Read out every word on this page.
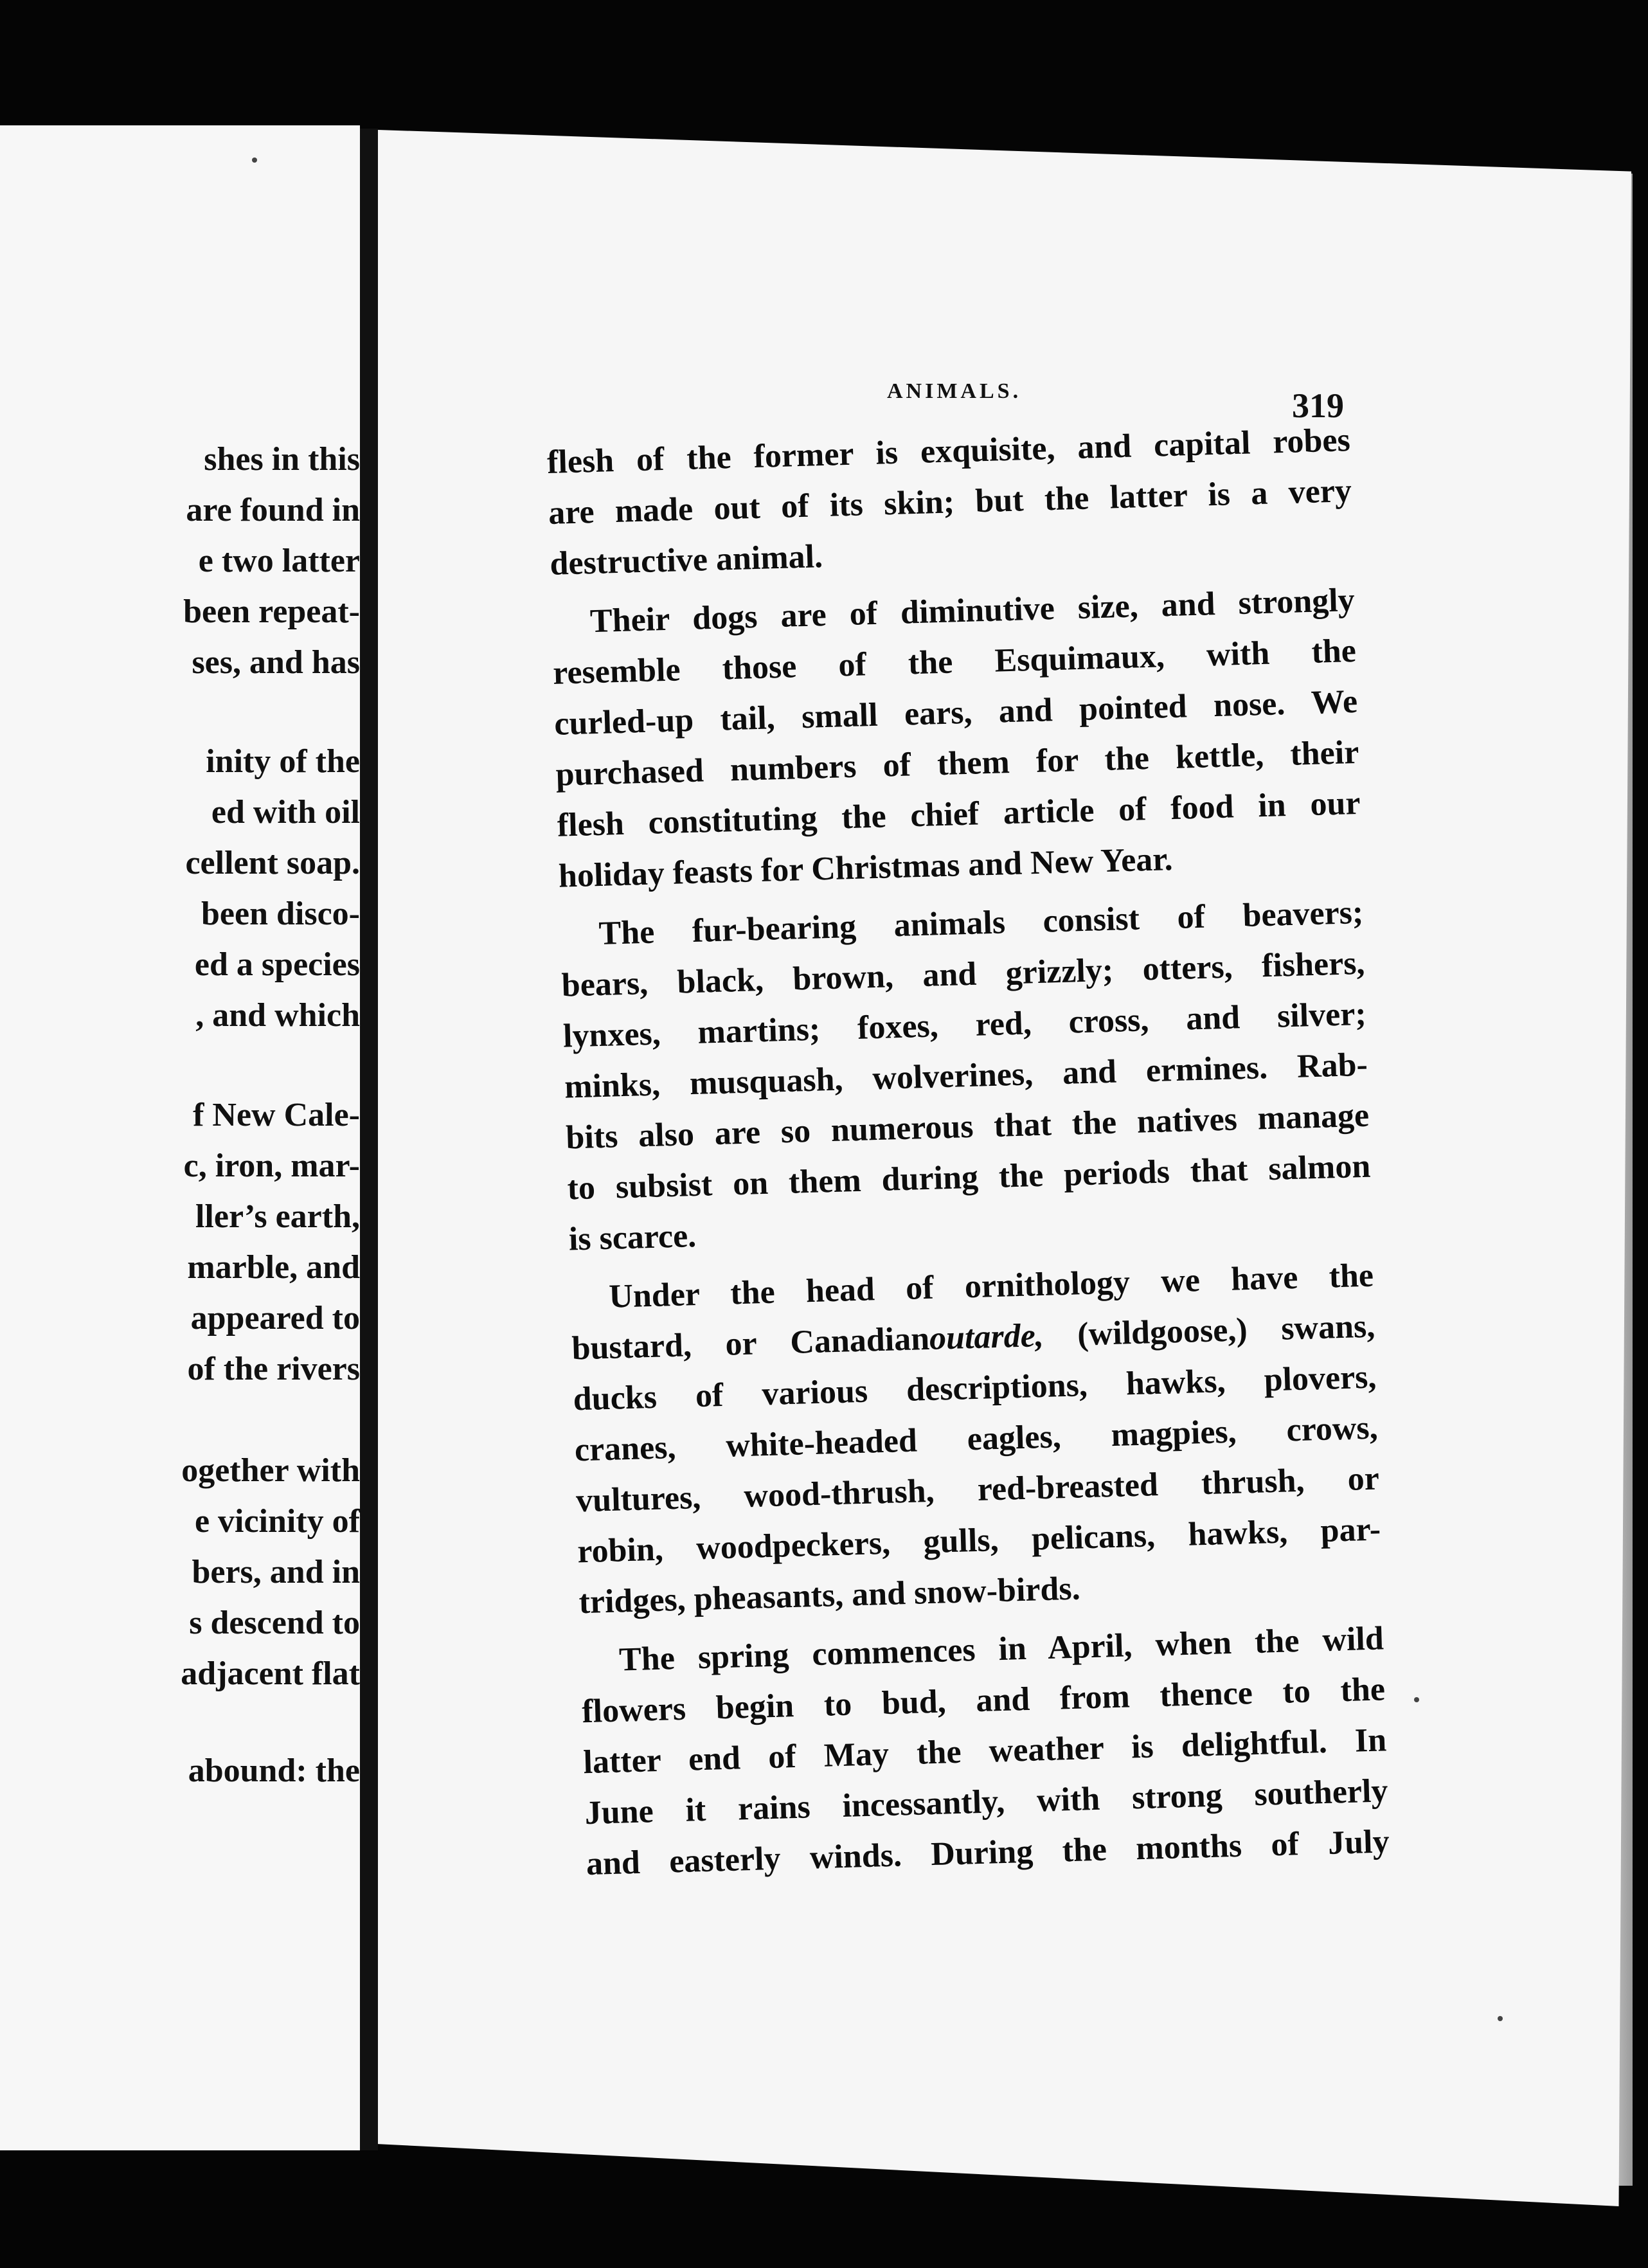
shes in this
are found in
e two latter
been repeat-
ses, and has
inity of the
ed with oil
cellent soap.
been disco-
ed a species
, and which
f New Cale-
c, iron, mar-
ller’s earth,
marble, and
appeared to
of the rivers
ogether with
e vicinity of
bers, and in
s descend to
adjacent flat
abound: the
ANIMALS.	319
flesh of the former is exquisite, and capital robes
are made out of its skin; but the latter is a very
destructive animal.
Their dogs are of diminutive size, and strongly
resemble those of the Esquimaux, with the
curled-up tail, small ears, and pointed nose. We
purchased numbers of them for the kettle, their
flesh constituting the chief article of food in our
holiday feasts for Christmas and New Year.
The fur-bearing animals consist of beavers;
bears, black, brown, and grizzly; otters, fishers,
lynxes, martins; foxes, red, cross, and silver;
minks, musquash, wolverines, and ermines. Rab-
bits also are so numerous that the natives manage
to subsist on them during the periods that salmon
is scarce.
Under the head of ornithology we have the
bustard, or Canadianoutarde, (wildgoose,) swans,
ducks of various descriptions, hawks, plovers,
cranes, white-headed eagles, magpies, crows,
vultures, wood-thrush, red-breasted thrush, or
robin, woodpeckers, gulls, pelicans, hawks, par-
tridges, pheasants, and snow-birds.
The spring commences in April, when the wild
flowers begin to bud, and from thence to the
latter end of May the weather is delightful. In
June it rains incessantly, with strong southerly
and easterly winds. During the months of July
